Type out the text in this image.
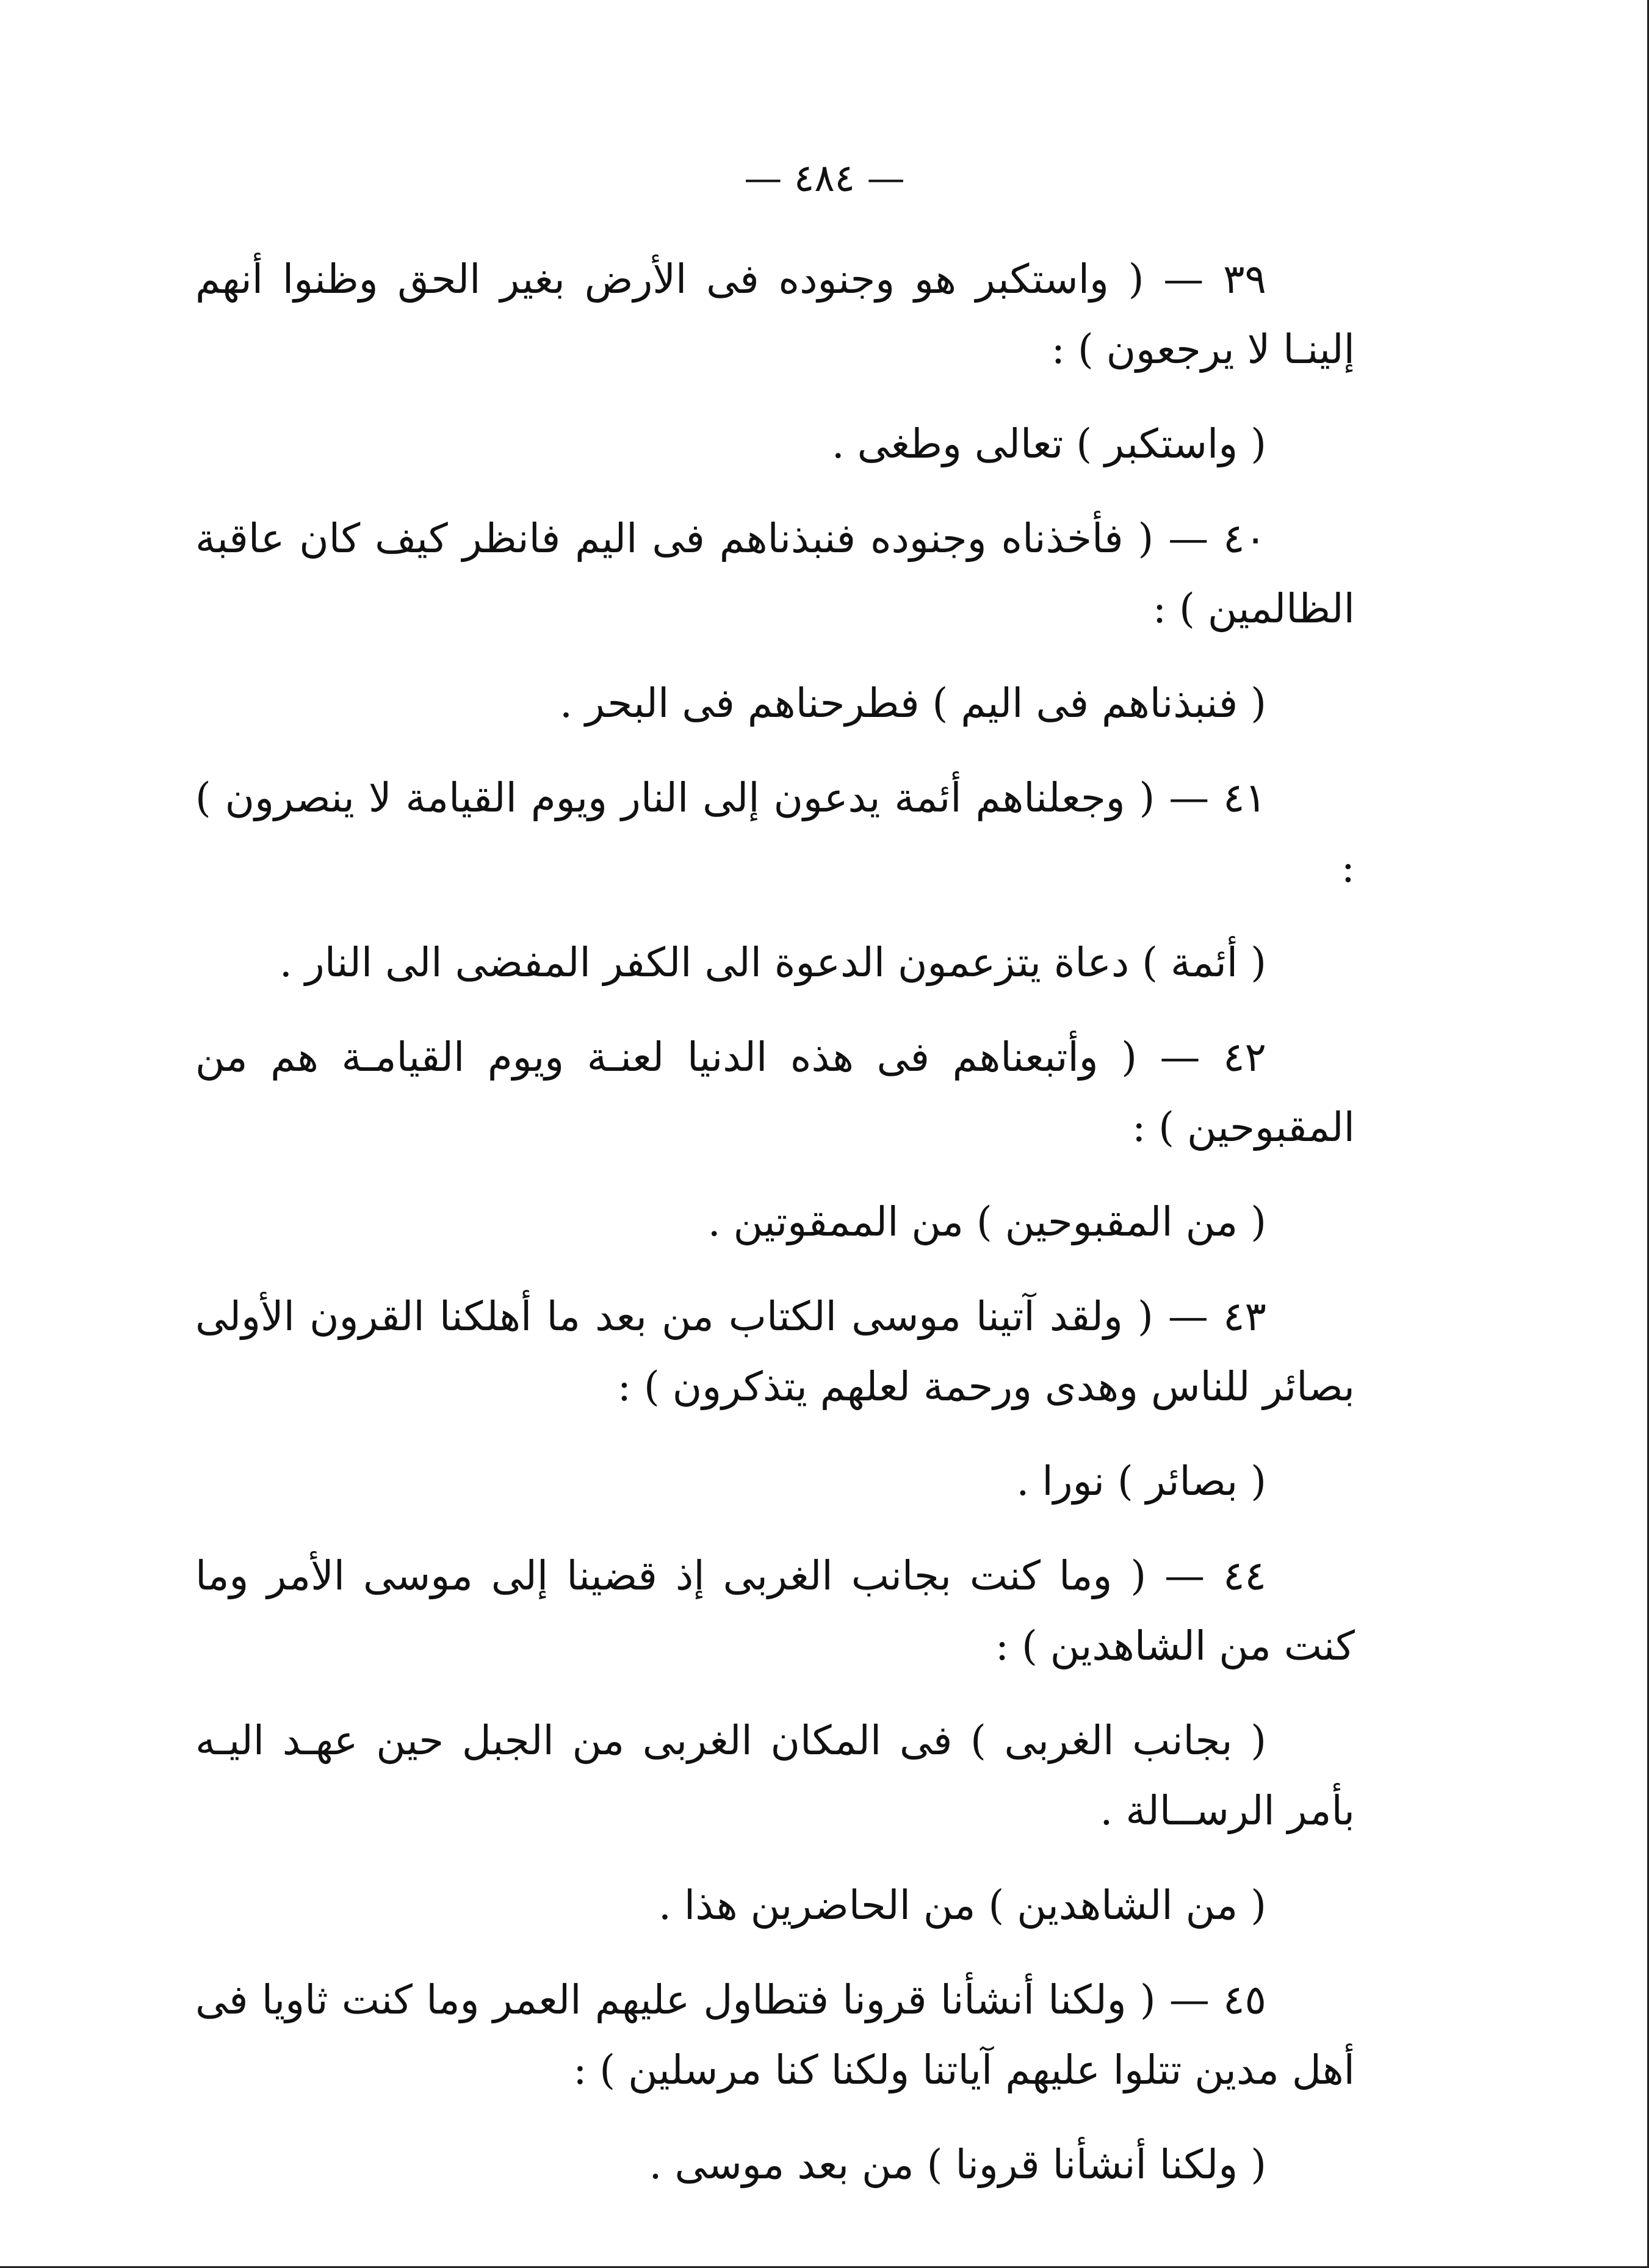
— ٤٨٤ —

٣٩ — ( واستكبر هو وجنوده فى الأرض بغير الحق وظنوا أنهم إلينـا لا يرجعون ) :

( واستكبر ) تعالى وطغى .

٤٠ — ( فأخذناه وجنوده فنبذناهم فى اليم فانظر كيف كان عاقبة الظالمين ) :

( فنبذناهم فى اليم ) فطرحناهم فى البحر .

٤١ — ( وجعلناهم أئمة يدعون إلى النار ويوم القيامة لا ينصرون ) :

( أئمة ) دعاة يتزعمون الدعوة الى الكفر المفضى الى النار .

٤٢ — ( وأتبعناهم فى هذه الدنيا لعنـة ويوم القيامـة هم من المقبوحين ) :

( من المقبوحين ) من الممقوتين .

٤٣ — ( ولقد آتينا موسى الكتاب من بعد ما أهلكنا القرون الأولى بصائر للناس وهدى ورحمة لعلهم يتذكرون ) :

( بصائر ) نورا .

٤٤ — ( وما كنت بجانب الغربى إذ قضينا إلى موسى الأمر وما كنت من الشاهدين ) :

( بجانب الغربى ) فى المكان الغربى من الجبل حين عهـد اليـه بأمر الرســالة .

( من الشاهدين ) من الحاضرين هذا .

٤٥ — ( ولكنا أنشأنا قرونا فتطاول عليهم العمر وما كنت ثاويا فى أهل مدين تتلوا عليهم آياتنا ولكنا كنا مرسلين ) :

( ولكنا أنشأنا قرونا ) من بعد موسى .
